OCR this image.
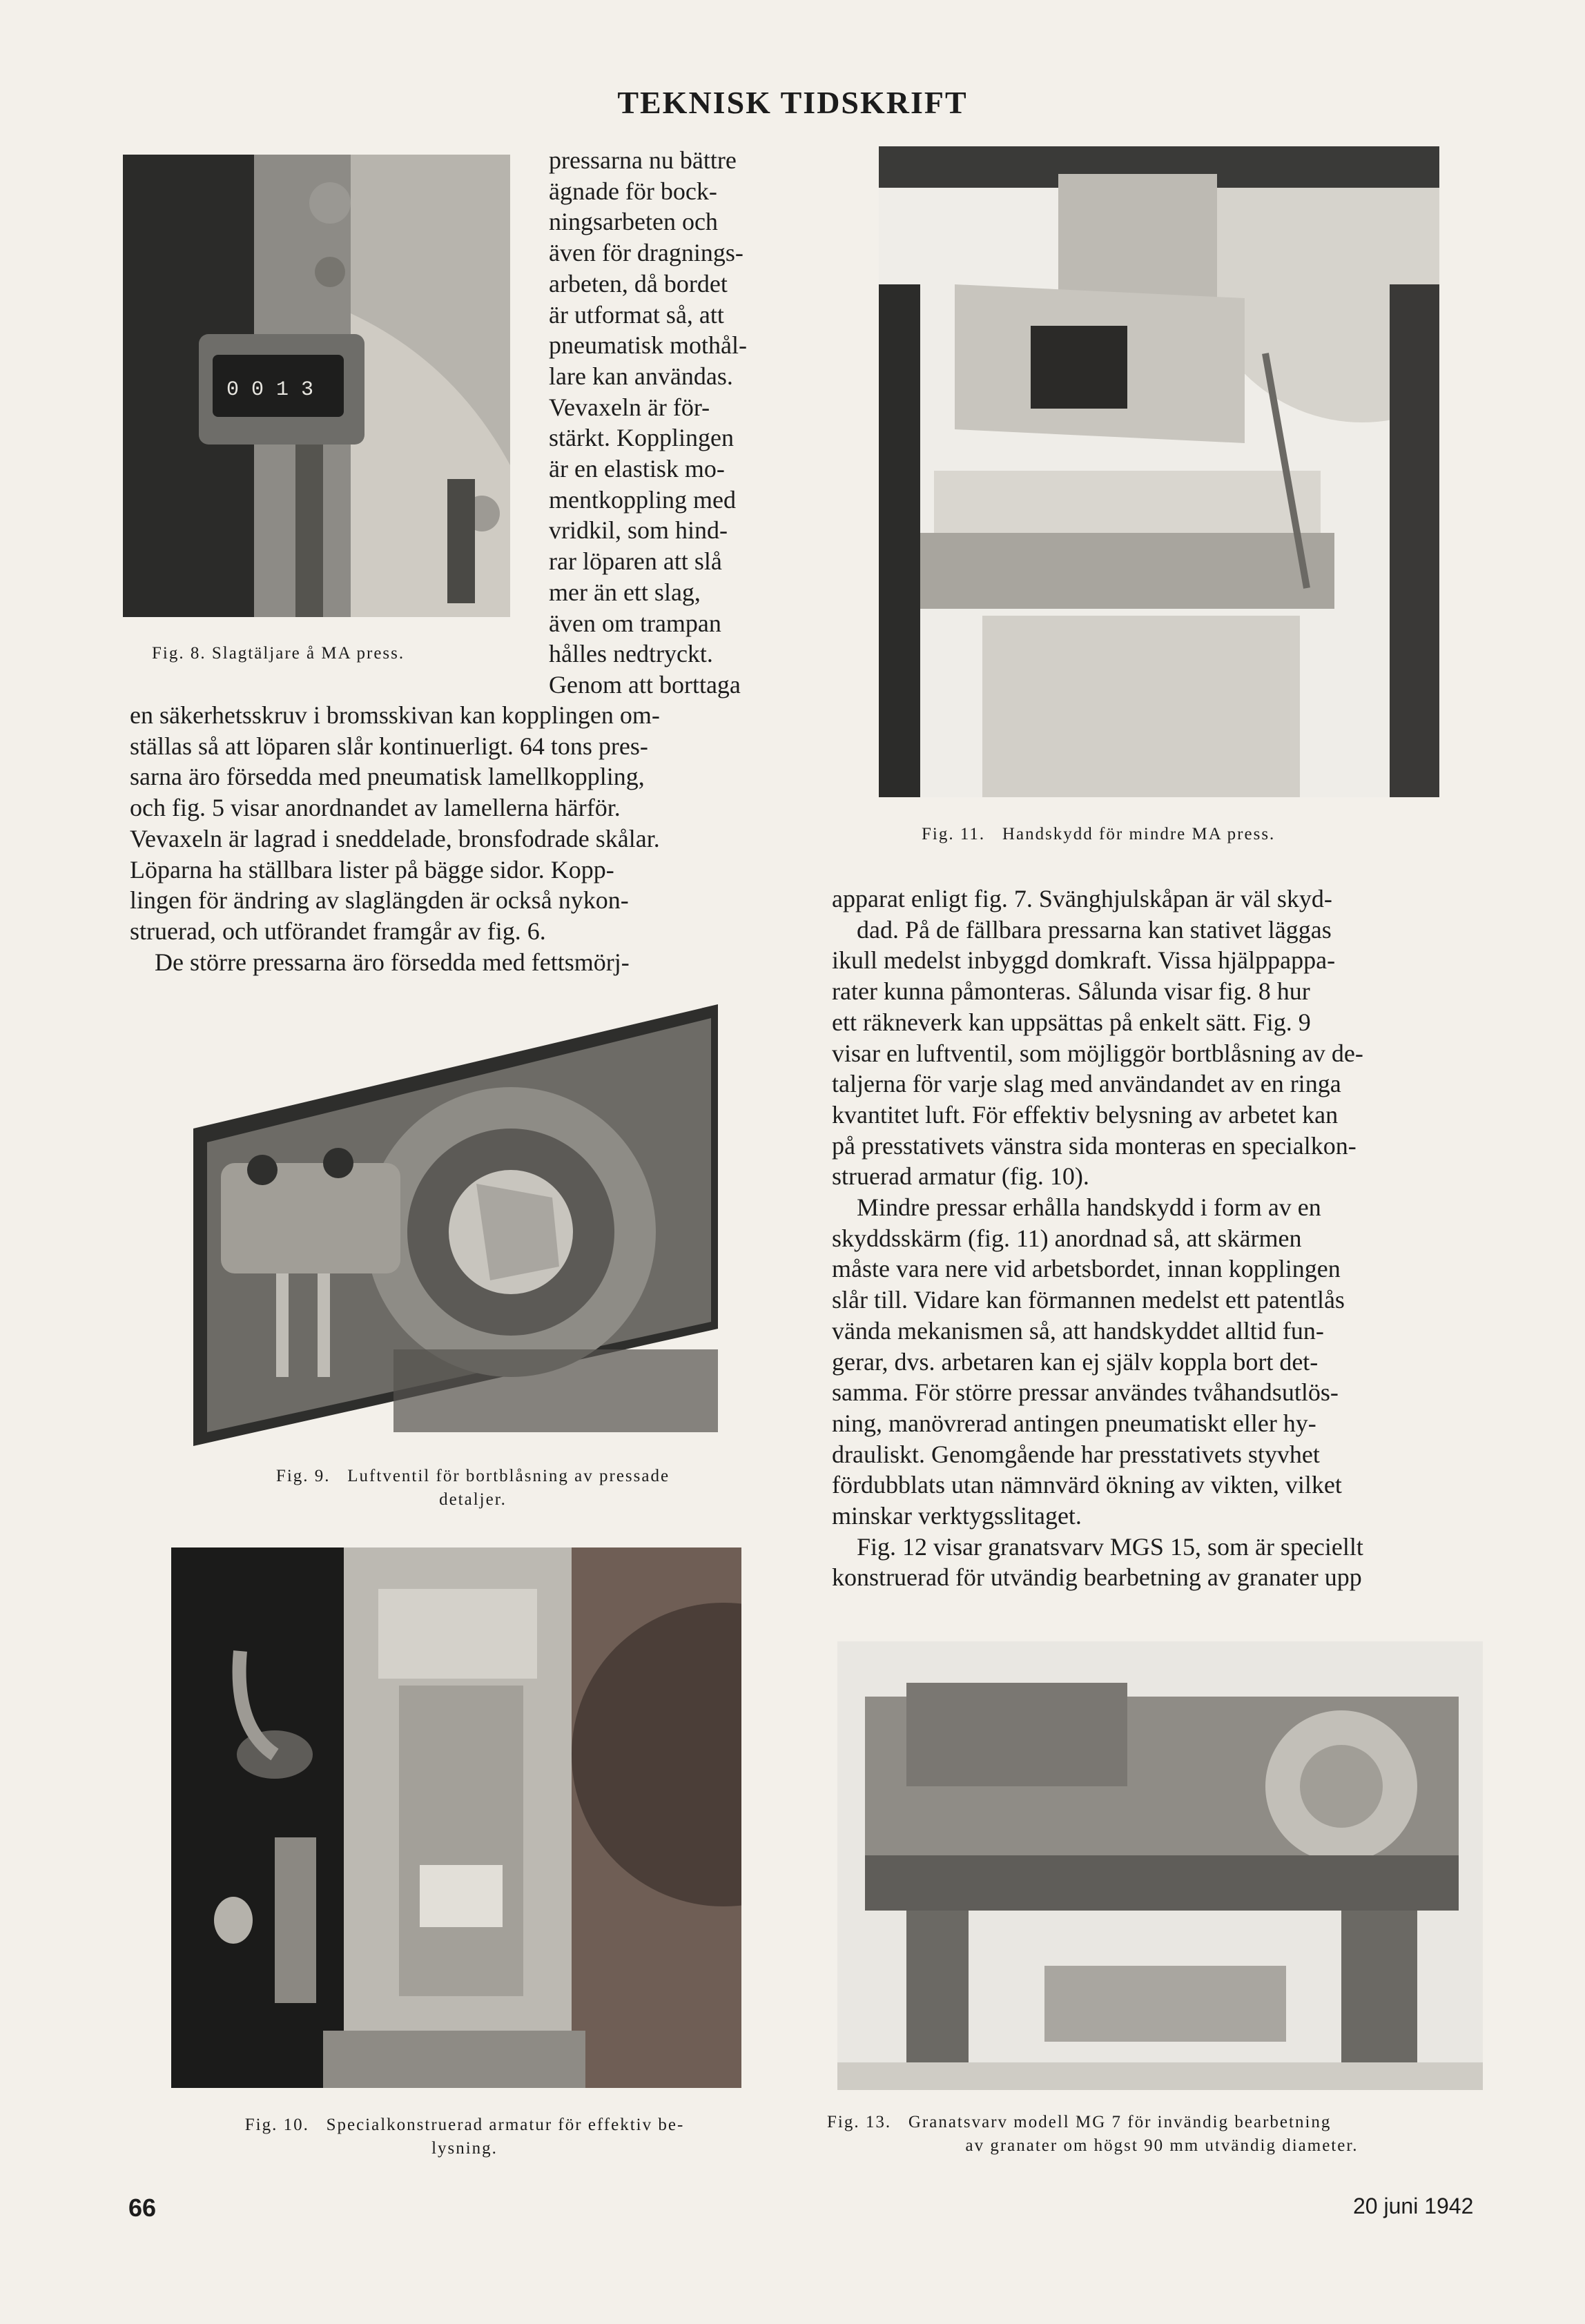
TEKNISK TIDSKRIFT

0 0 1 3
Fig. 8. Slagtäljare å MA press.
pressarna nu bättre
ägnade för bock-
ningsarbeten och
även för dragnings-
arbeten, då bordet
är utformat så, att
pneumatisk mothål-
lare kan användas.
Vevaxeln är för-
stärkt. Kopplingen
är en elastisk mo-
mentkoppling med
vridkil, som hind-
rar löparen att slå
mer än ett slag,
även om trampan
hålles nedtryckt.
Genom att borttaga
en säkerhetsskruv i bromsskivan kan kopplingen om-
ställas så att löparen slår kontinuerligt. 64 tons pres-
sarna äro försedda med pneumatisk lamellkoppling,
och fig. 5 visar anordnandet av lamellerna härför.
Vevaxeln är lagrad i sneddelade, bronsfodrade skålar.
Löparna ha ställbara lister på bägge sidor. Kopp-
lingen för ändring av slaglängden är också nykon-
struerad, och utförandet framgår av fig. 6.
De större pressarna äro försedda med fettsmörj-
Fig. 9. Luftventil för bortblåsning av pressade
detaljer.
Fig. 10. Specialkonstruerad armatur för effektiv be-
lysning.
Fig. 11. Handskydd för mindre MA press.
apparat enligt fig. 7. Svänghjulskåpan är väl skyd-
dad. På de fällbara pressarna kan stativet läggas
ikull medelst inbyggd domkraft. Vissa hjälppappa-
rater kunna påmonteras. Sålunda visar fig. 8 hur
ett räkneverk kan uppsättas på enkelt sätt. Fig. 9
visar en luftventil, som möjliggör bortblåsning av de-
taljerna för varje slag med användandet av en ringa
kvantitet luft. För effektiv belysning av arbetet kan
på presstativets vänstra sida monteras en specialkon-
struerad armatur (fig. 10).
Mindre pressar erhålla handskydd i form av en
skyddsskärm (fig. 11) anordnad så, att skärmen
måste vara nere vid arbetsbordet, innan kopplingen
slår till. Vidare kan förmannen medelst ett patentlås
vända mekanismen så, att handskyddet alltid fun-
gerar, dvs. arbetaren kan ej själv koppla bort det-
samma. För större pressar användes tvåhandsutlös-
ning, manövrerad antingen pneumatiskt eller hy-
drauliskt. Genomgående har presstativets styvhet
fördubblats utan nämnvärd ökning av vikten, vilket
minskar verktygsslitaget.
Fig. 12 visar granatsvarv MGS 15, som är speciellt
konstruerad för utvändig bearbetning av granater upp
Fig. 13. Granatsvarv modell MG 7 för invändig bearbetning
av granater om högst 90 mm utvändig diameter.
66	20 juni 1942
